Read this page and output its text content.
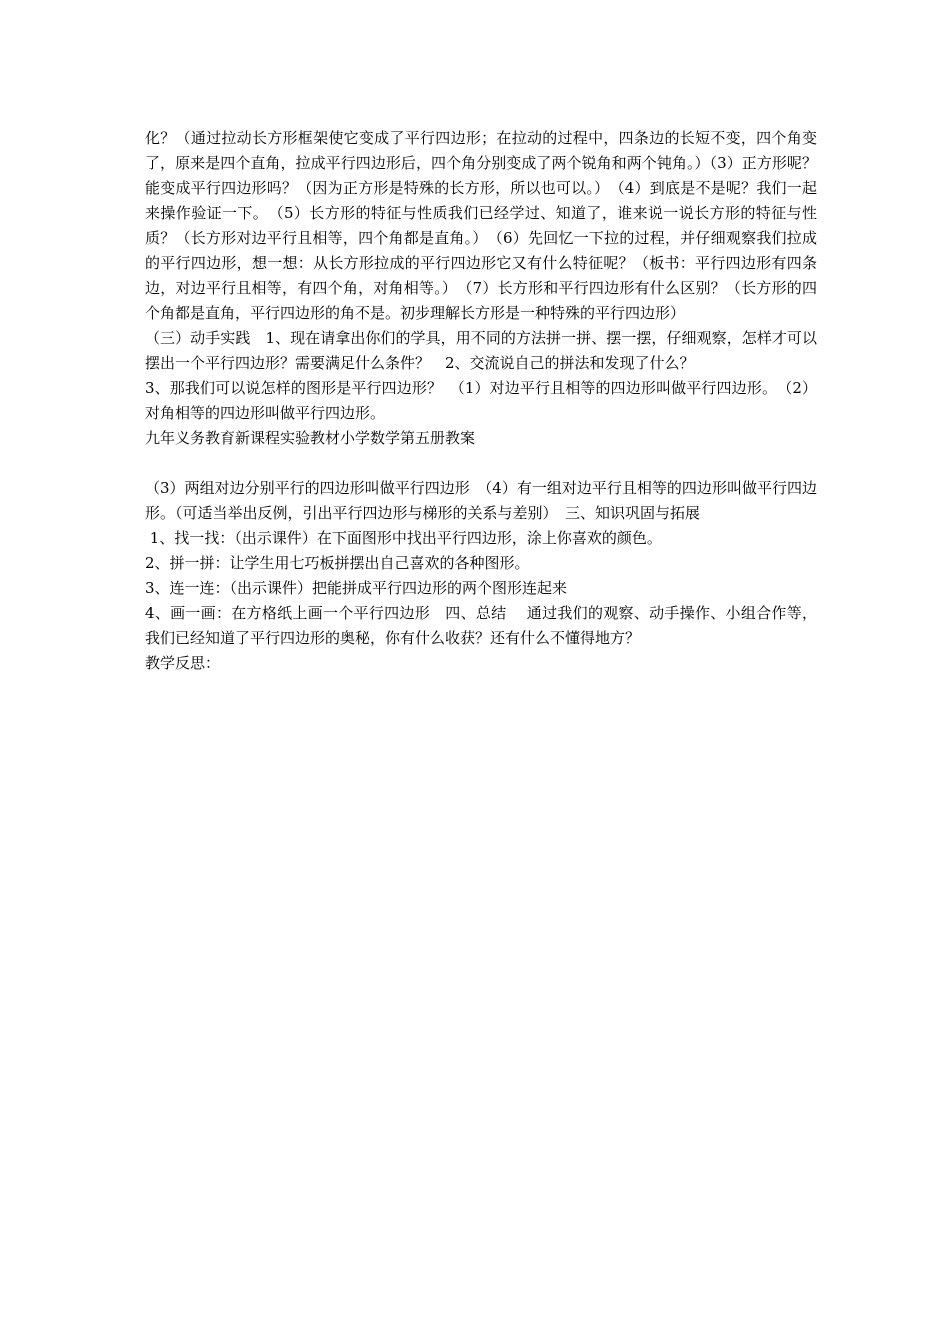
化？（通过拉动长方形框架使它变成了平行四边形；在拉动的过程中，四条边的长短不变，四个角变了，原来是四个直角，拉成平行四边形后，四个角分别变成了两个锐角和两个钝角。）（3）正方形呢？能变成平行四边形吗？（因为正方形是特殊的长方形，所以也可以。）　（4）到底是不是呢？我们一起来操作验证一下。　（5）长方形的特征与性质我们已经学过、知道了，谁来说一说长方形的特征与性质？（长方形对边平行且相等，四个角都是直角。）　（6）先回忆一下拉的过程，并仔细观察我们拉成的平行四边形，想一想：从长方形拉成的平行四边形它又有什么特征呢？（板书：平行四边形有四条边，对边平行且相等，有四个角，对角相等。）　（7）长方形和平行四边形有什么区别？（长方形的四个角都是直角，平行四边形的角不是。初步理解长方形是一种特殊的平行四边形）

（三）动手实践　1、现在请拿出你们的学具，用不同的方法拼一拼、摆一摆，仔细观察，怎样才可以摆出一个平行四边形？需要满足什么条件？　2、交流说自己的拼法和发现了什么？

3、那我们可以说怎样的图形是平行四边形？　（1）对边平行且相等的四边形叫做平行四边形。　（2）对角相等的四边形叫做平行四边形。

九年义务教育新课程实验教材小学数学第五册教案

（3）两组对边分别平行的四边形叫做平行四边形　（4）有一组对边平行且相等的四边形叫做平行四边形。（可适当举出反例，引出平行四边形与梯形的关系与差别）　三、知识巩固与拓展

1、找一找：（出示课件）在下面图形中找出平行四边形，涂上你喜欢的颜色。

2、拼一拼：让学生用七巧板拼摆出自己喜欢的各种图形。

3、连一连：（出示课件）把能拼成平行四边形的两个图形连起来

4、画一画：在方格纸上画一个平行四边形　四、总结　 通过我们的观察、动手操作、小组合作等，我们已经知道了平行四边形的奥秘，你有什么收获？还有什么不懂得地方？

教学反思：
